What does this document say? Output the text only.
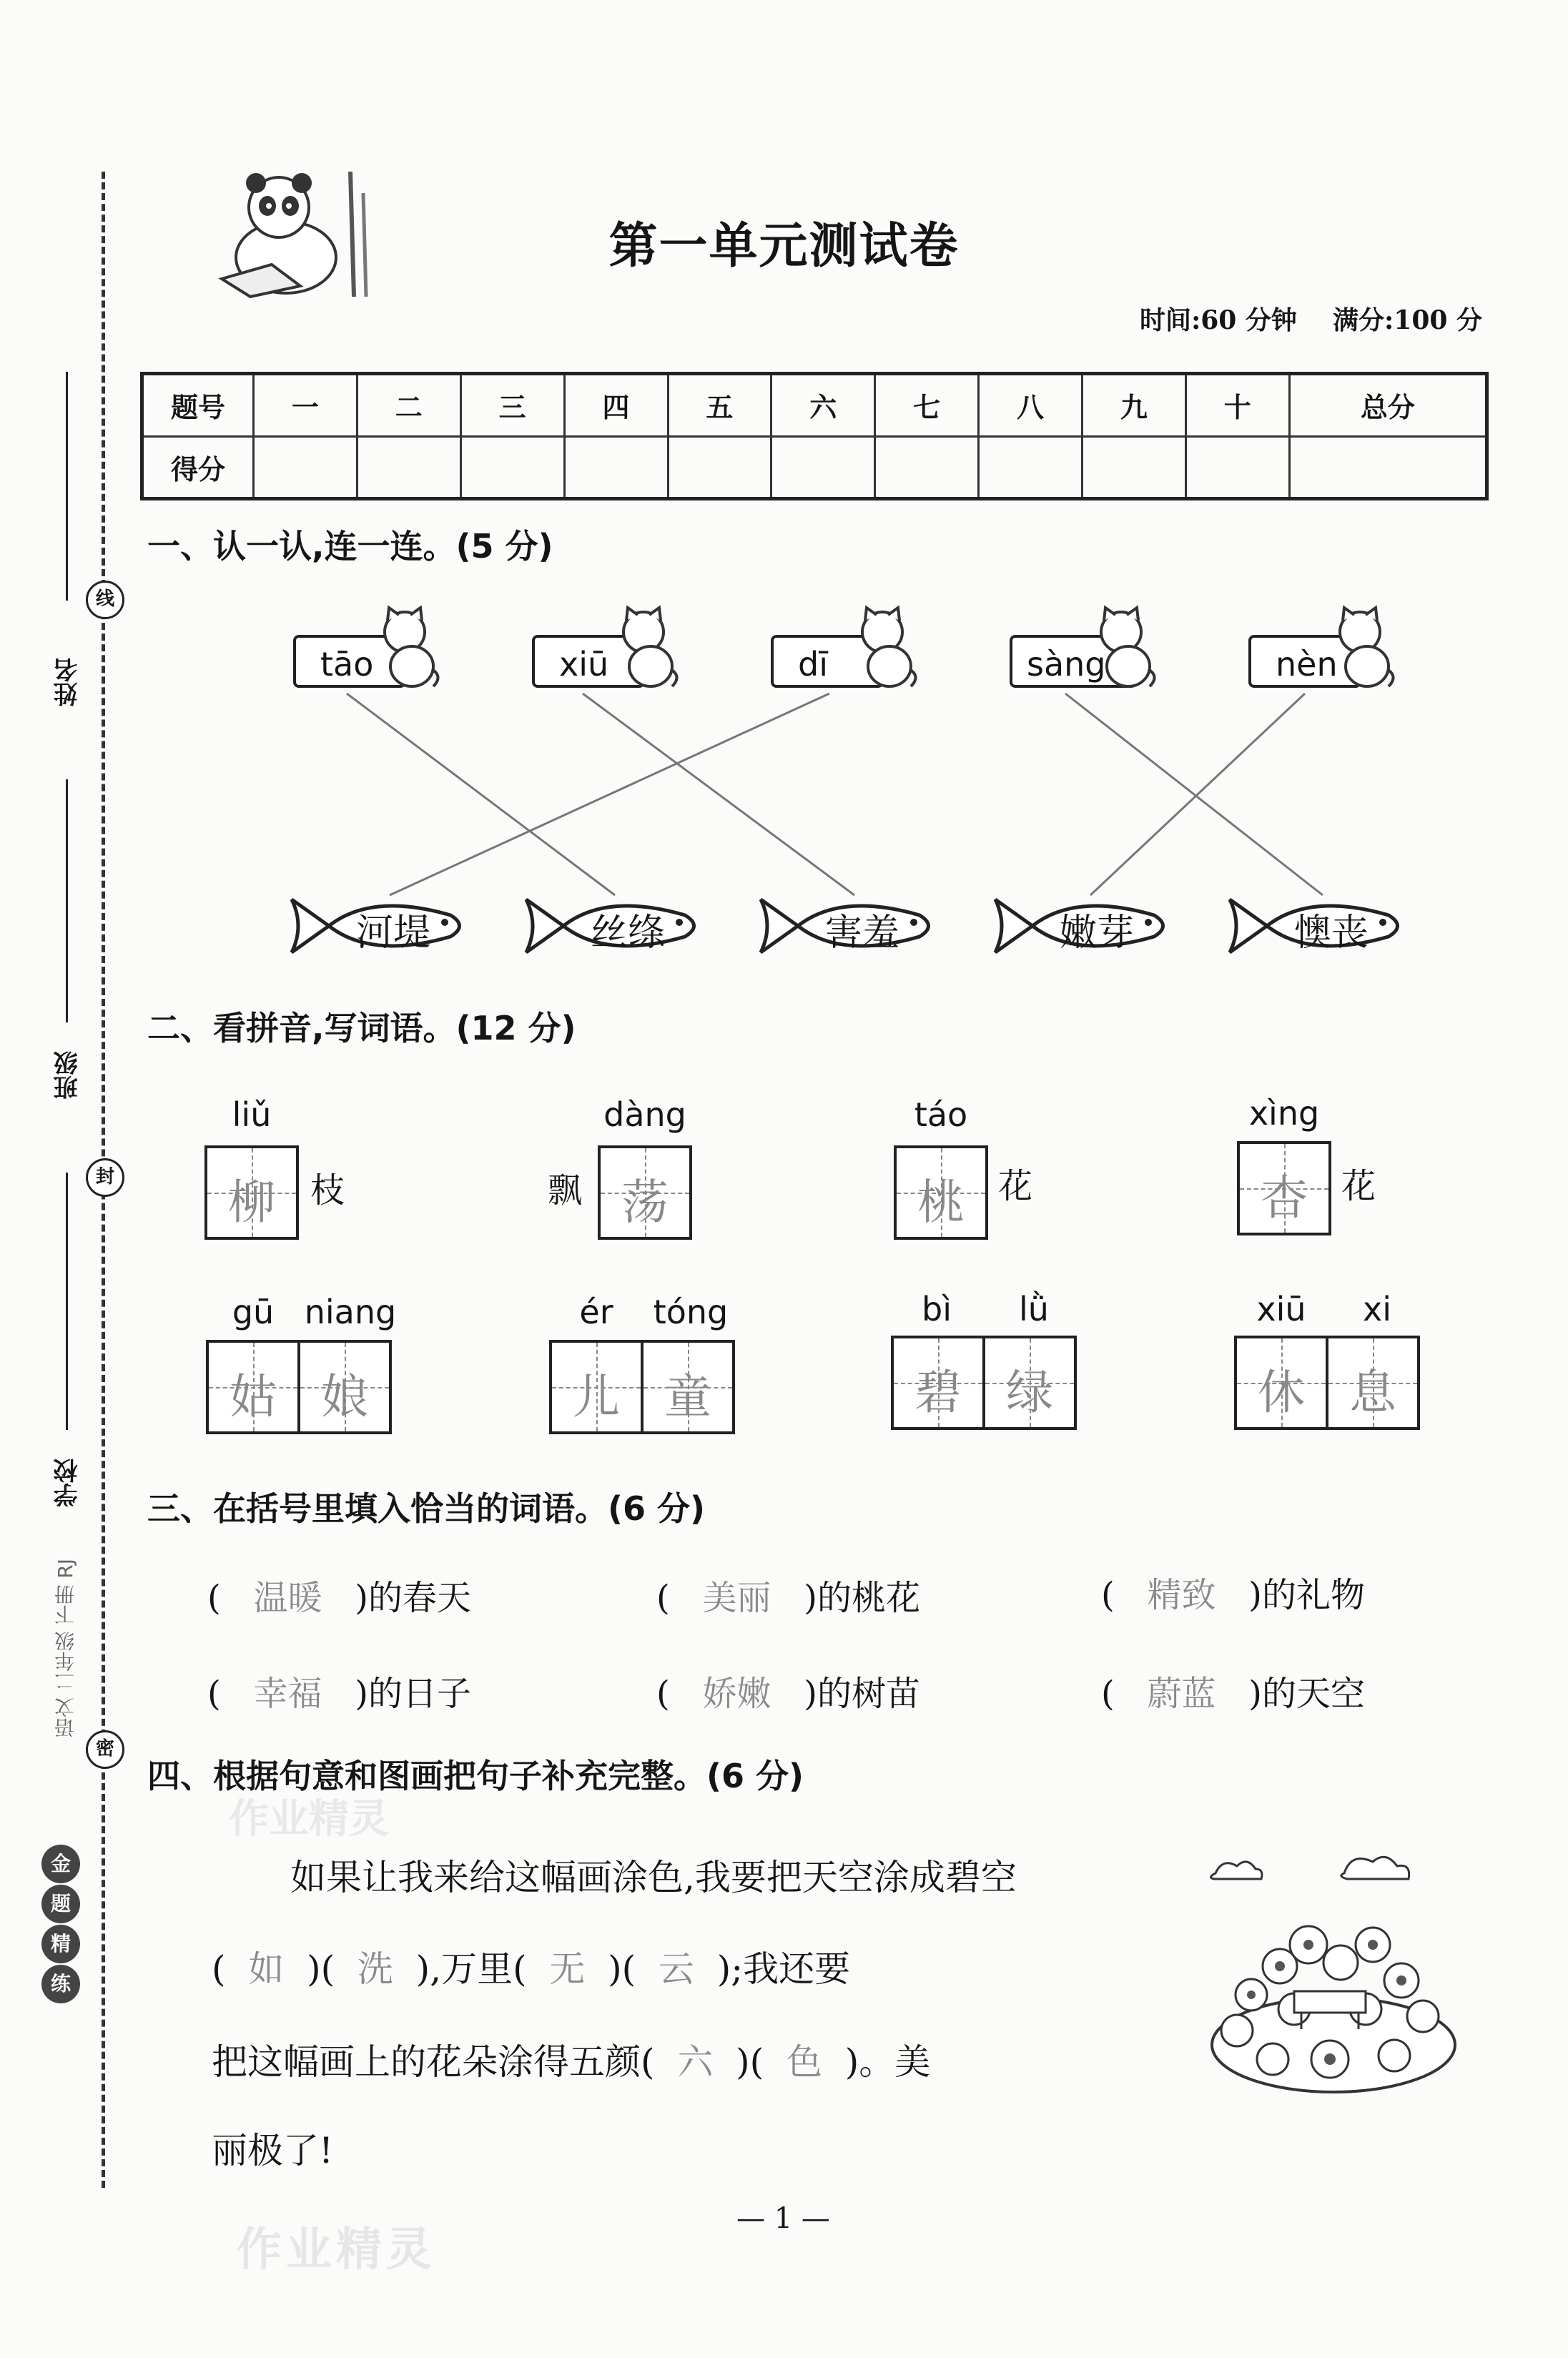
线
封
密
姓名
班级
学校
语文 二年级 下册 RJ
金
题
精
练
第一单元测试卷
时间:60 分钟 满分:100 分
题号	一	二	三	四	五	六	七	八	九	十	总分
得分											
一、认一认,连一连。(5 分)
tāo	xiū	dī	sàng	nèn
河堤	丝绦	害羞	嫩芽	懊丧
二、看拼音,写词语。(12 分)
liǔ
柳	枝	飘
dàng
荡
táo
桃 花
xìng
杏 花
gū niang
姑 娘
ér	tóng
儿 童
bì	lǜ
碧 绿
xiū	xi
休 息
三、在括号里填入恰当的词语。(6 分)
(   温暖 )的春天	(   美丽 )的桃花	(   精致 )的礼物
(   幸福 )的日子	(   娇嫩 )的树苗	(   蔚蓝 )的天空
四、根据句意和图画把句子补充完整。(6 分)
作业精灵
如果让我来给这幅画涂色,我要把天空涂成碧空
(  如  )(  洗  ),万里( 无  )(  云 );我还要
把这幅画上的花朵涂得五颜( 六  )(  色 )。美
丽极了!
— 1 —
作业精灵
